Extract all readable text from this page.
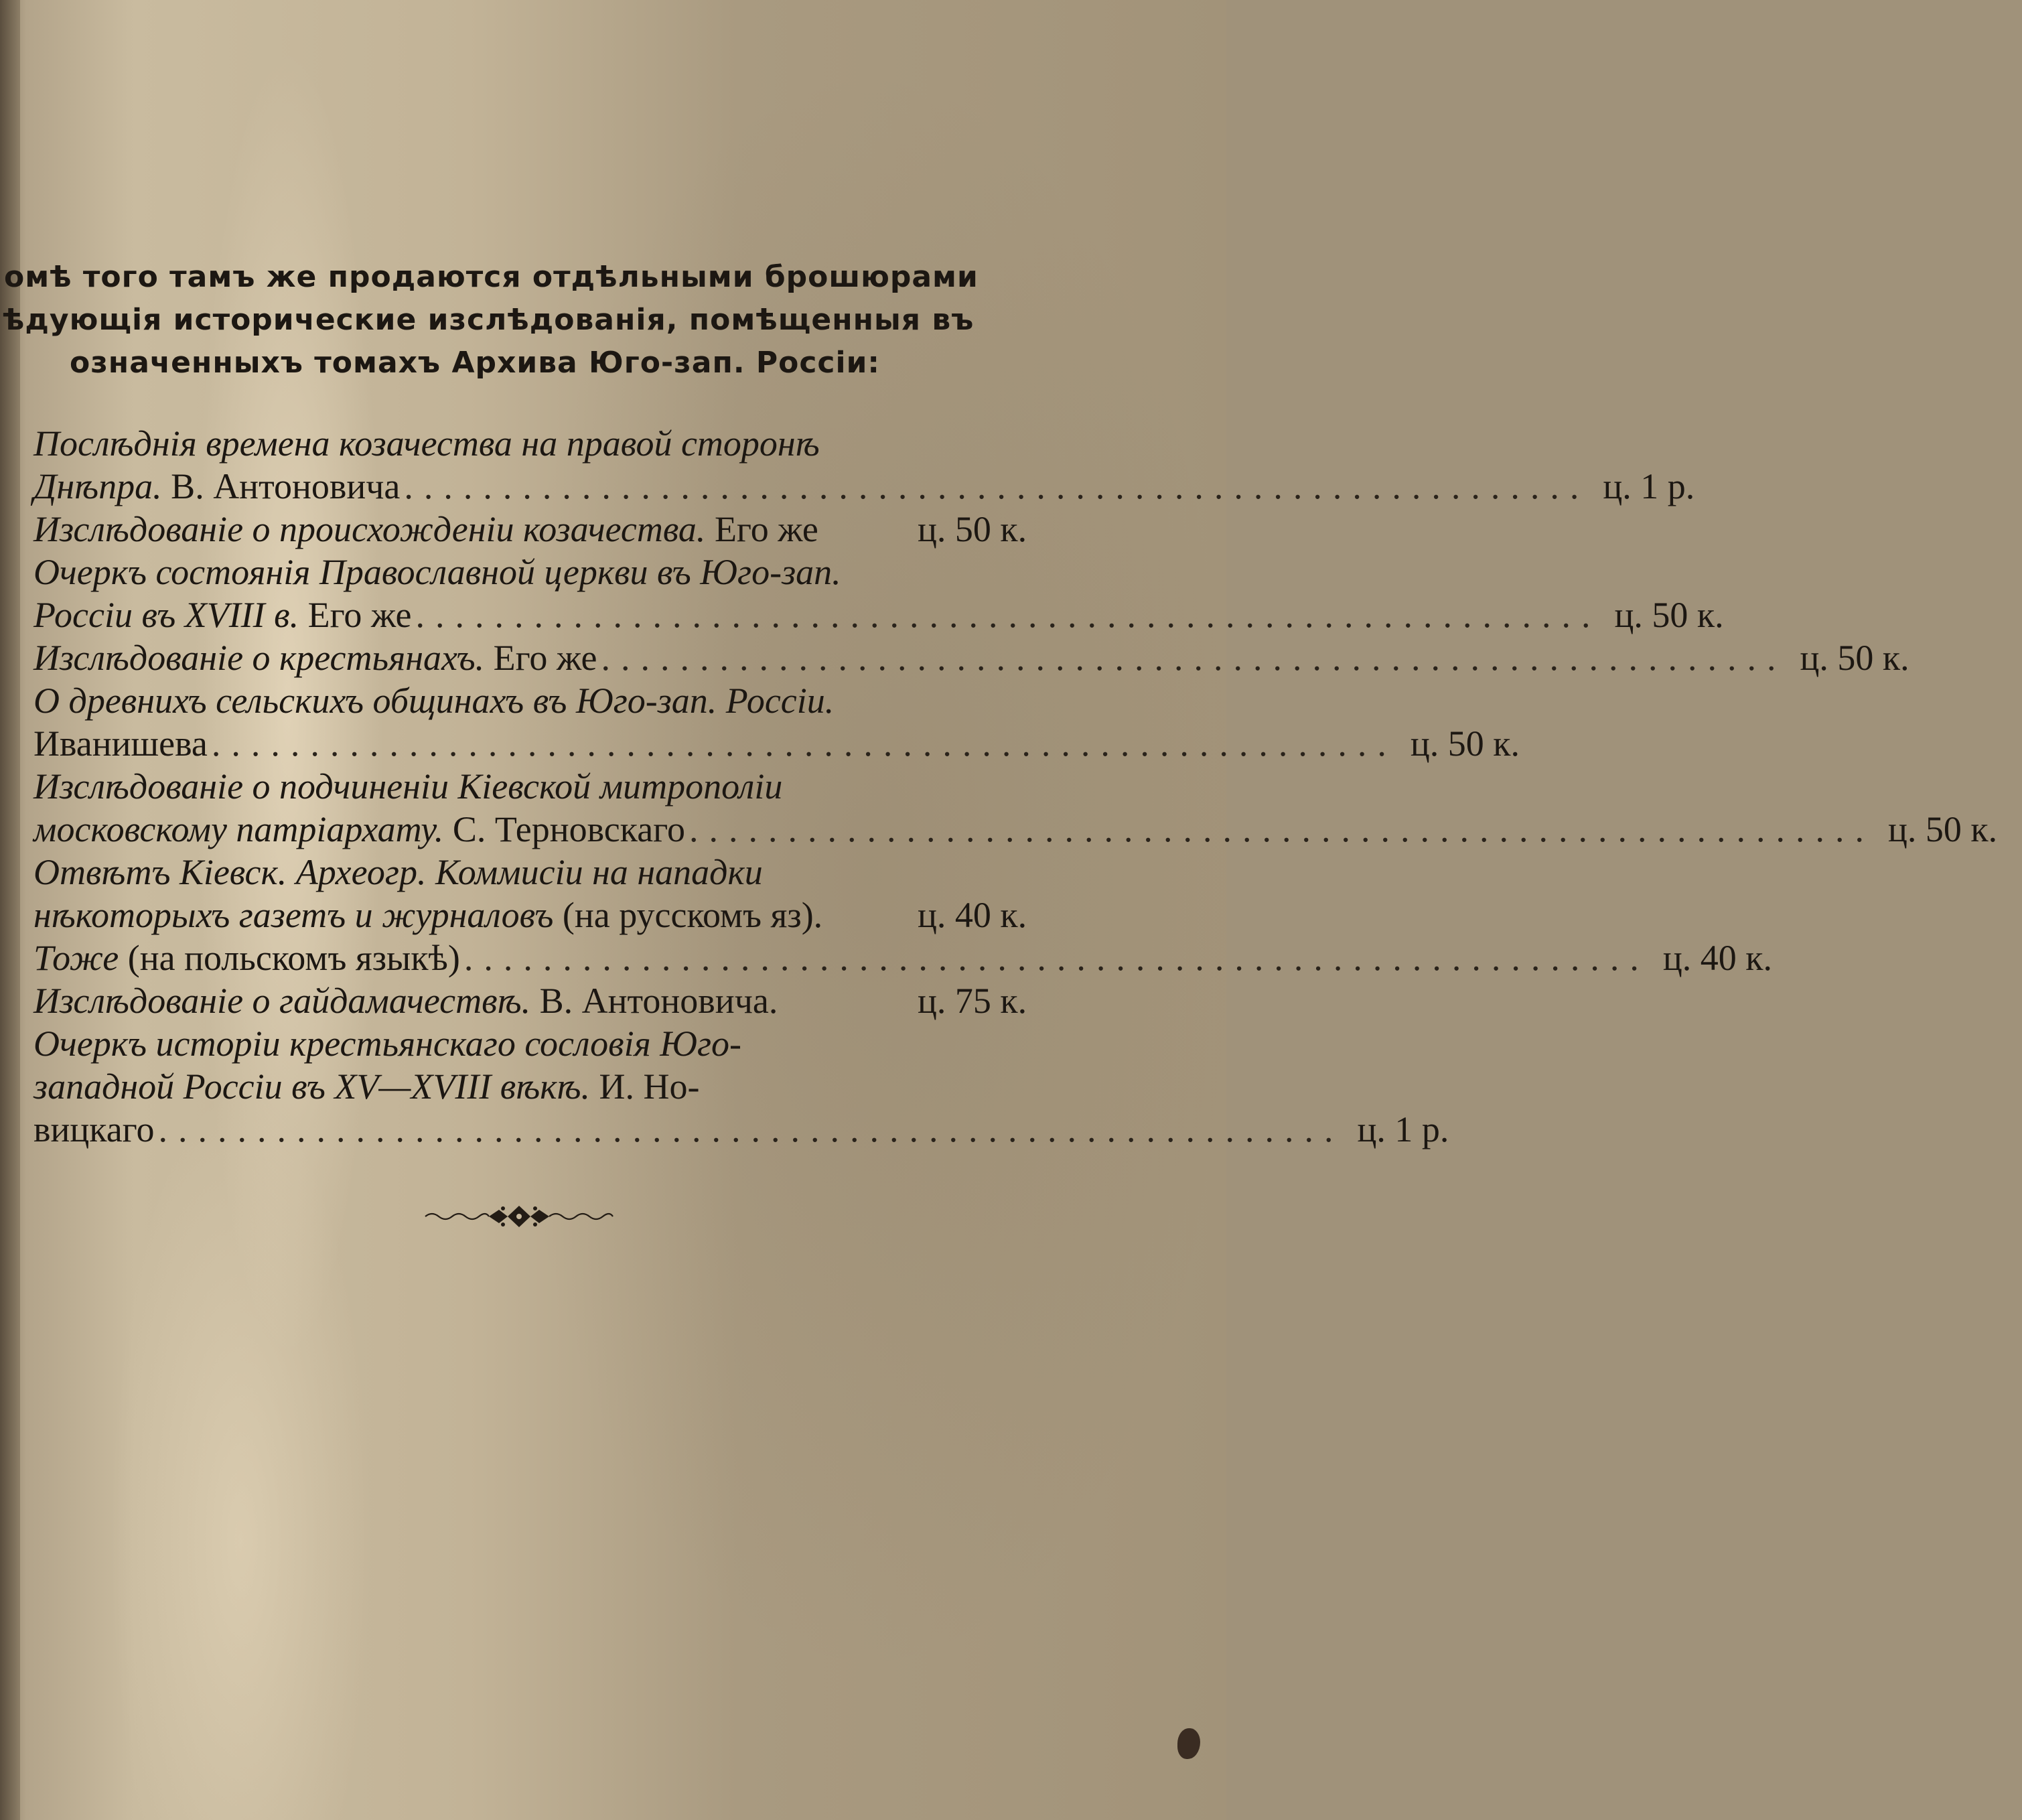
омѣ того тамъ же продаются отдѣльными брошюрами
ѣдующія исторические изслѣдованія, помѣщенныя въ
означенныхъ томахъ Архива Юго-зап. Россіи:
Послѣднія времена козачества на правой сторонѣ
Днѣпра. В. Антоновича ............................................................ ц. 1 р.
Изслѣдованіе о происхожденіи козачества. Его же	ц. 50 к.
Очеркъ состоянія Православной церкви въ Юго-зап.
Россіи въ XVIII в. Его же ............................................................ ц. 50 к.
Изслѣдованіе о крестьянахъ. Его же ............................................................ ц. 50 к.
О древнихъ сельскихъ общинахъ въ Юго-зап. Россіи.
Иванишева ............................................................ ц. 50 к.
Изслѣдованіе о подчиненіи Кіевской митрополіи
московскому патріархату. С. Терновскаго ............................................................ ц. 50 к.
Отвѣтъ Кіевск. Археогр. Коммисіи на нападки
нѣкоторыхъ газетъ и журналовъ (на русскомъ яз).	ц. 40 к.
Тоже (на польскомъ языкѣ) ............................................................ ц. 40 к.
Изслѣдованіе о гайдамачествѣ. В. Антоновича.	ц. 75 к.
Очеркъ исторіи крестьянскаго сословія Юго-
западной Россіи въ XV—XVIII вѣкѣ. И. Но-
вицкаго ............................................................ ц. 1 р.
